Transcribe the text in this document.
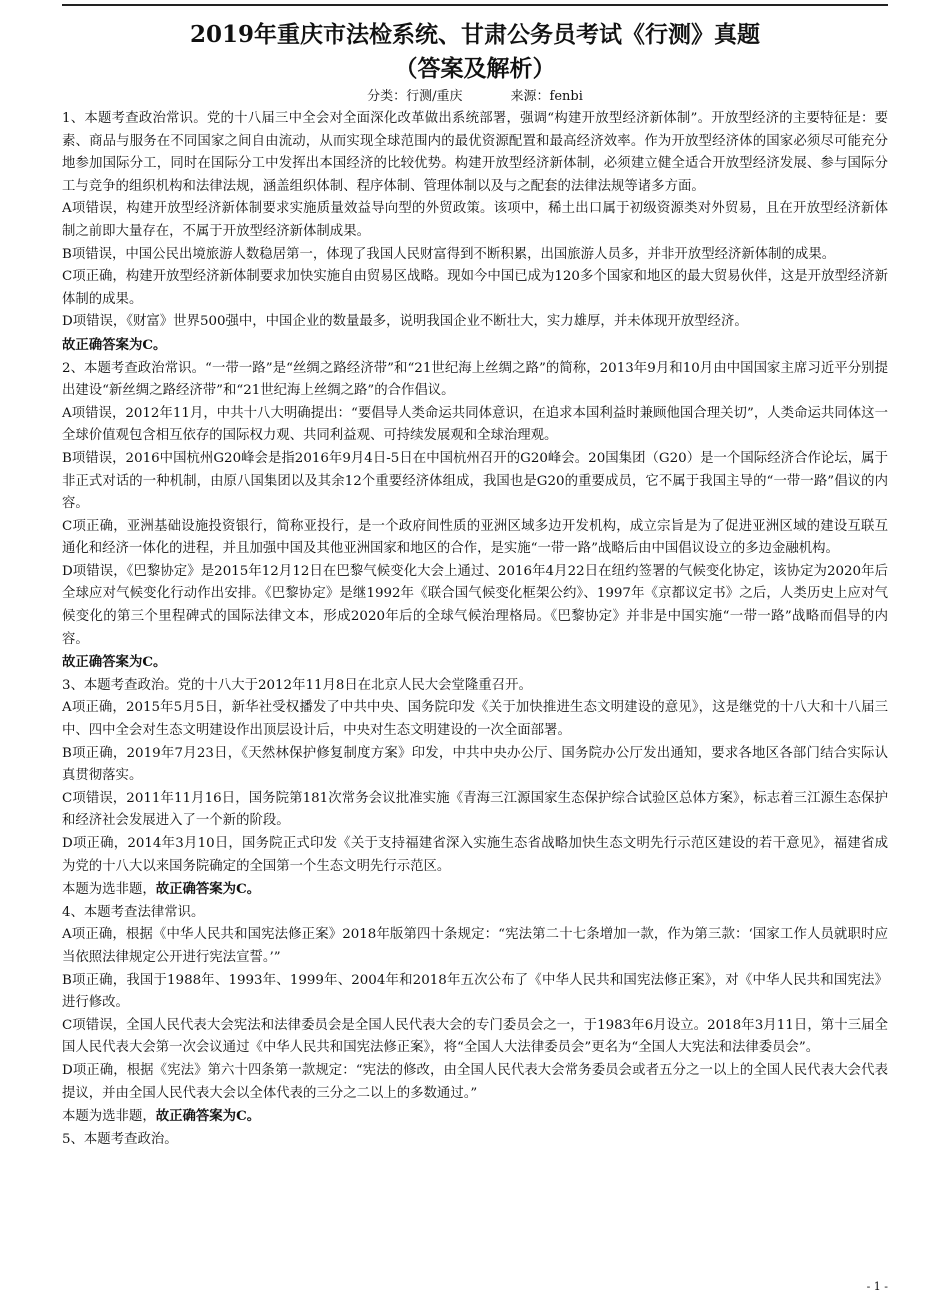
2019年重庆市法检系统、甘肃公务员考试《行测》真题
（答案及解析）
分类：行测/重庆	来源：fenbi

1、本题考查政治常识。党的十八届三中全会对全面深化改革做出系统部署，强调“构建开放型经济新体制”。开放型经济的主要特征是：要素、商品与服务在不同国家之间自由流动，从而实现全球范围内的最优资源配置和最高经济效率。作为开放型经济体的国家必须尽可能充分地参加国际分工，同时在国际分工中发挥出本国经济的比较优势。构建开放型经济新体制，必须建立健全适合开放型经济发展、参与国际分工与竞争的组织机构和法律法规，涵盖组织体制、程序体制、管理体制以及与之配套的法律法规等诸多方面。

A项错误，构建开放型经济新体制要求实施质量效益导向型的外贸政策。该项中，稀土出口属于初级资源类对外贸易，且在开放型经济新体制之前即大量存在，不属于开放型经济新体制成果。

B项错误，中国公民出境旅游人数稳居第一，体现了我国人民财富得到不断积累，出国旅游人员多，并非开放型经济新体制的成果。

C项正确，构建开放型经济新体制要求加快实施自由贸易区战略。现如今中国已成为120多个国家和地区的最大贸易伙伴，这是开放型经济新体制的成果。

D项错误，《财富》世界500强中，中国企业的数量最多，说明我国企业不断壮大，实力雄厚，并未体现开放型经济。

故正确答案为C。

2、本题考查政治常识。“一带一路”是“丝绸之路经济带”和“21世纪海上丝绸之路”的简称，2013年9月和10月由中国国家主席习近平分别提出建设“新丝绸之路经济带”和“21世纪海上丝绸之路”的合作倡议。

A项错误，2012年11月，中共十八大明确提出：“要倡导人类命运共同体意识，在追求本国利益时兼顾他国合理关切”，人类命运共同体这一全球价值观包含相互依存的国际权力观、共同利益观、可持续发展观和全球治理观。

B项错误，2016中国杭州G20峰会是指2016年9月4日-5日在中国杭州召开的G20峰会。20国集团（G20）是一个国际经济合作论坛，属于非正式对话的一种机制，由原八国集团以及其余12个重要经济体组成，我国也是G20的重要成员，它不属于我国主导的“一带一路”倡议的内容。

C项正确，亚洲基础设施投资银行，简称亚投行，是一个政府间性质的亚洲区域多边开发机构，成立宗旨是为了促进亚洲区域的建设互联互通化和经济一体化的进程，并且加强中国及其他亚洲国家和地区的合作，是实施“一带一路”战略后由中国倡议设立的多边金融机构。

D项错误，《巴黎协定》是2015年12月12日在巴黎气候变化大会上通过、2016年4月22日在纽约签署的气候变化协定，该协定为2020年后全球应对气候变化行动作出安排。《巴黎协定》是继1992年《联合国气候变化框架公约》、1997年《京都议定书》之后，人类历史上应对气候变化的第三个里程碑式的国际法律文本，形成2020年后的全球气候治理格局。《巴黎协定》并非是中国实施“一带一路”战略而倡导的内容。

故正确答案为C。

3、本题考查政治。党的十八大于2012年11月8日在北京人民大会堂隆重召开。

A项正确，2015年5月5日，新华社受权播发了中共中央、国务院印发《关于加快推进生态文明建设的意见》，这是继党的十八大和十八届三中、四中全会对生态文明建设作出顶层设计后，中央对生态文明建设的一次全面部署。

B项正确，2019年7月23日，《天然林保护修复制度方案》印发，中共中央办公厅、国务院办公厅发出通知，要求各地区各部门结合实际认真贯彻落实。

C项错误，2011年11月16日，国务院第181次常务会议批准实施《青海三江源国家生态保护综合试验区总体方案》，标志着三江源生态保护和经济社会发展进入了一个新的阶段。

D项正确，2014年3月10日，国务院正式印发《关于支持福建省深入实施生态省战略加快生态文明先行示范区建设的若干意见》，福建省成为党的十八大以来国务院确定的全国第一个生态文明先行示范区。

本题为选非题，故正确答案为C。

4、本题考查法律常识。

A项正确，根据《中华人民共和国宪法修正案》2018年版第四十条规定：“宪法第二十七条增加一款，作为第三款：‘国家工作人员就职时应当依照法律规定公开进行宪法宣誓。’”

B项正确，我国于1988年、1993年、1999年、2004年和2018年五次公布了《中华人民共和国宪法修正案》，对《中华人民共和国宪法》进行修改。

C项错误，全国人民代表大会宪法和法律委员会是全国人民代表大会的专门委员会之一，于1983年6月设立。2018年3月11日，第十三届全国人民代表大会第一次会议通过《中华人民共和国宪法修正案》，将“全国人大法律委员会”更名为“全国人大宪法和法律委员会”。

D项正确，根据《宪法》第六十四条第一款规定：“宪法的修改，由全国人民代表大会常务委员会或者五分之一以上的全国人民代表大会代表提议，并由全国人民代表大会以全体代表的三分之二以上的多数通过。”

本题为选非题，故正确答案为C。

5、本题考查政治。

- 1 -
